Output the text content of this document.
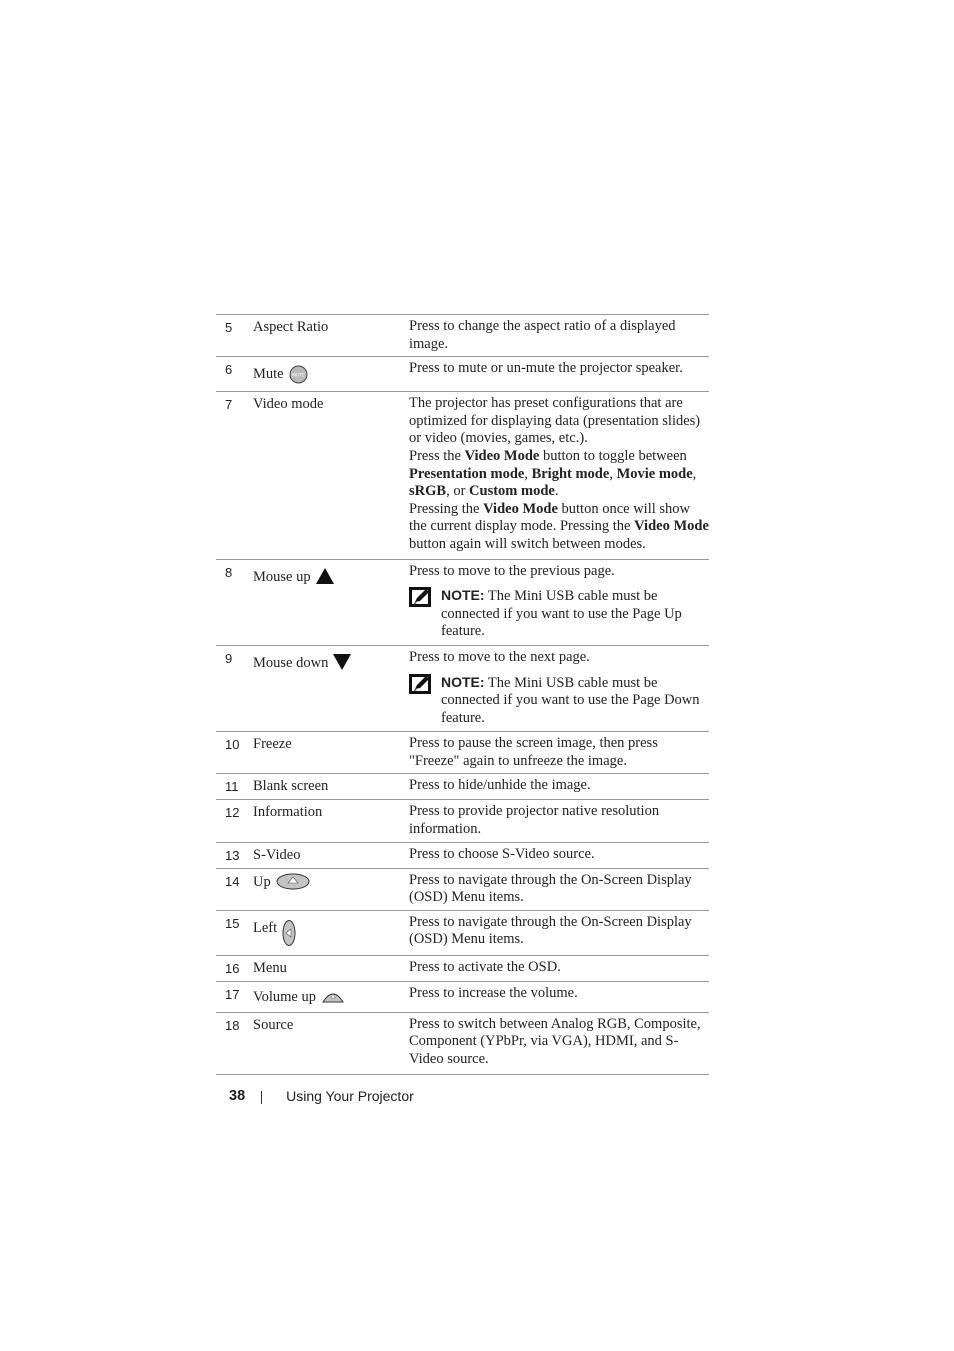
5	Aspect Ratio	Press to change the aspect ratio of a displayed image.
6	Mute MUTE	Press to mute or un-mute the projector speaker.
7	Video mode	The projector has preset configurations that are optimized for displaying data (presentation slides) or video (movies, games, etc.).
Press the Video Mode button to toggle between Presentation mode, Bright mode, Movie mode, sRGB, or Custom mode.
Pressing the Video Mode button once will show the current display mode. Pressing the Video Mode button again will switch between modes.
8	Mouse up	Press to move to the previous page.
NOTE: The Mini USB cable must be connected if you want to use the Page Up feature.
9	Mouse down	Press to move to the next page.
NOTE: The Mini USB cable must be connected if you want to use the Page Down feature.
10 Freeze	Press to pause the screen image, then press "Freeze" again to unfreeze the image.
11	Blank screen	Press to hide/unhide the image.
12 Information	Press to provide projector native resolution information.
13 S-Video	Press to choose S-Video source.
14 Up	Press to navigate through the On-Screen Display (OSD) Menu items.
15 Left	Press to navigate through the On-Screen Display (OSD) Menu items.
16 Menu	Press to activate the OSD.
17 Volume up	Press to increase the volume.
18 Source	Press to switch between Analog RGB, Composite, Component (YPbPr, via VGA), HDMI, and S-Video source.
38	Using Your Projector
